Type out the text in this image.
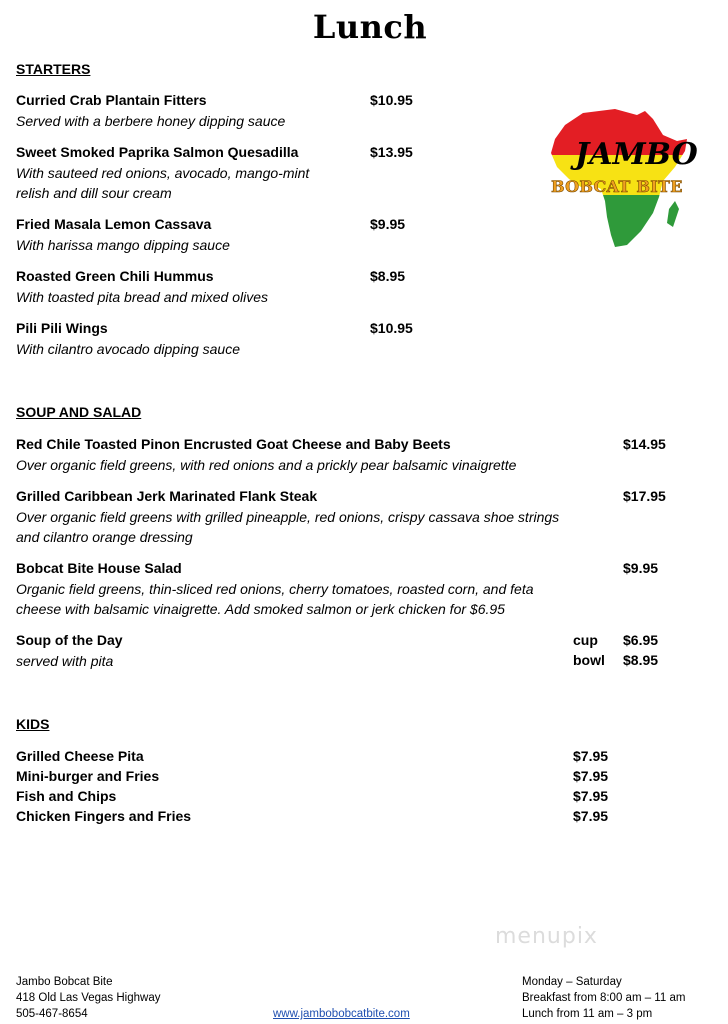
Lunch
JAMBO
BOBCAT BITE
STARTERS
Curried Crab Plantain Fitters	$10.95
Served with a berbere honey dipping sauce
Sweet Smoked Paprika Salmon Quesadilla	$13.95
With sauteed red onions, avocado, mango-mint
relish and dill sour cream
Fried Masala Lemon Cassava	$9.95
With harissa mango dipping sauce
Roasted Green Chili Hummus	$8.95
With toasted pita bread and mixed olives
Pili Pili Wings	$10.95
With cilantro avocado dipping sauce
SOUP AND SALAD
Red Chile Toasted Pinon Encrusted Goat Cheese and Baby Beets	$14.95
Over organic field greens, with red onions and a prickly pear balsamic vinaigrette
Grilled Caribbean Jerk Marinated Flank Steak	$17.95
Over organic field greens with grilled pineapple, red onions, crispy cassava shoe strings
and cilantro orange dressing
Bobcat Bite House Salad	$9.95
Organic field greens, thin-sliced red onions, cherry tomatoes, roasted corn, and feta
cheese with balsamic vinaigrette. Add smoked salmon or jerk chicken for $6.95
Soup of the Day	cup $6.95
served with pita	bowl $8.95
KIDS
Grilled Cheese Pita	$7.95
Mini-burger and Fries	$7.95
Fish and Chips	$7.95
Chicken Fingers and Fries	$7.95
menupix
Jambo Bobcat Bite
418 Old Las Vegas Highway
505-467-8654	www.jambobobcatbite.com
Monday – Saturday
Breakfast from 8:00 am – 11 am
Lunch from 11 am – 3 pm
